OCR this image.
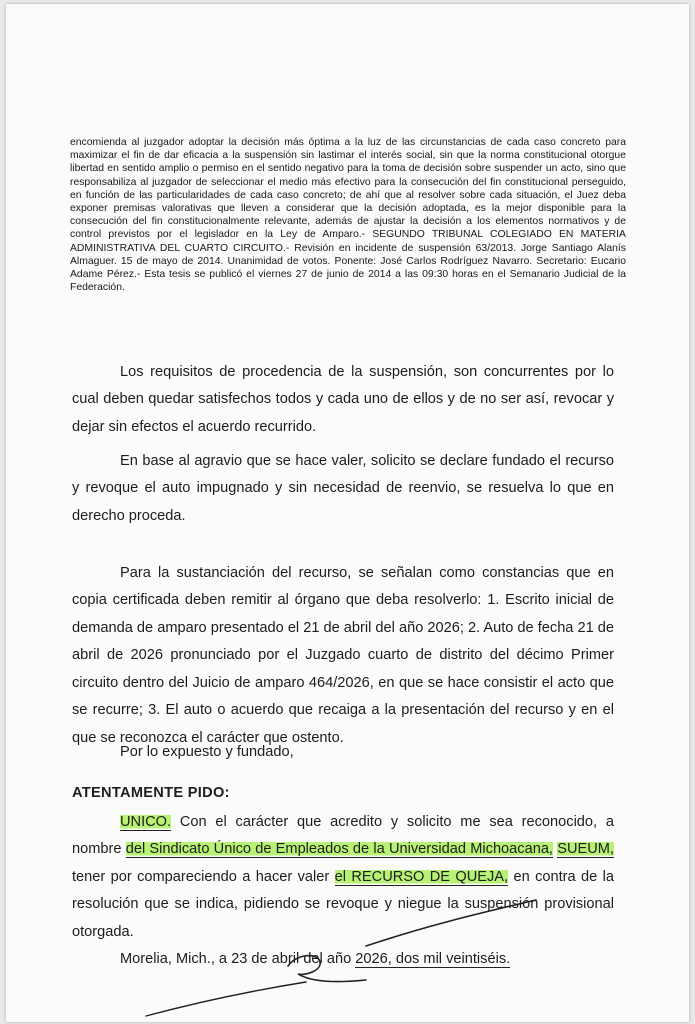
encomienda al juzgador adoptar la decisión más óptima a la luz de las circunstancias de cada caso concreto para maximizar el fin de dar eficacia a la suspensión sin lastimar el interés social, sin que la norma constitucional otorgue libertad en sentido amplio o permiso en el sentido negativo para la toma de decisión sobre suspender un acto, sino que responsabiliza al juzgador de seleccionar el medio más efectivo para la consecución del fin constitucional perseguido, en función de las particularidades de cada caso concreto; de ahí que al resolver sobre cada situación, el Juez deba exponer premisas valorativas que lleven a considerar que la decisión adoptada, es la mejor disponible para la consecución del fin constitucionalmente relevante, además de ajustar la decisión a los elementos normativos y de control previstos por el legislador en la Ley de Amparo.- SEGUNDO TRIBUNAL COLEGIADO EN MATERIA ADMINISTRATIVA DEL CUARTO CIRCUITO.- Revisión en incidente de suspensión 63/2013. Jorge Santiago Alanís Almaguer. 15 de mayo de 2014. Unanimidad de votos. Ponente: José Carlos Rodríguez Navarro. Secretario: Eucario Adame Pérez.- Esta tesis se publicó el viernes 27 de junio de 2014 a las 09:30 horas en el Semanario Judicial de la Federación.

Los requisitos de procedencia de la suspensión, son concurrentes por lo cual deben quedar satisfechos todos y cada uno de ellos y de no ser así, revocar y dejar sin efectos el acuerdo recurrido.

En base al agravio que se hace valer, solicito se declare fundado el recurso y revoque el auto impugnado y sin necesidad de reenvio, se resuelva lo que en derecho proceda.

Para la sustanciación del recurso, se señalan como constancias que en copia certificada deben remitir al órgano que deba resolverlo: 1. Escrito inicial de demanda de amparo presentado el 21 de abril del año 2026; 2. Auto de fecha 21 de abril de 2026 pronunciado por el Juzgado cuarto de distrito del décimo Primer circuito dentro del Juicio de amparo 464/2026, en que se hace consistir el acto que se recurre; 3. El auto o acuerdo que recaiga a la presentación del recurso y en el que se reconozca el carácter que ostento.

Por lo expuesto y fundado,

ATENTAMENTE PIDO:

UNICO. Con el carácter que acredito y solicito me sea reconocido, a nombre del Sindicato Único de Empleados de la Universidad Michoacana, SUEUM, tener por compareciendo a hacer valer el RECURSO DE QUEJA, en contra de la resolución que se indica, pidiendo se revoque y niegue la suspensión provisional otorgada.

Morelia, Mich., a 23 de abril del año 2026, dos mil veintiséis.
